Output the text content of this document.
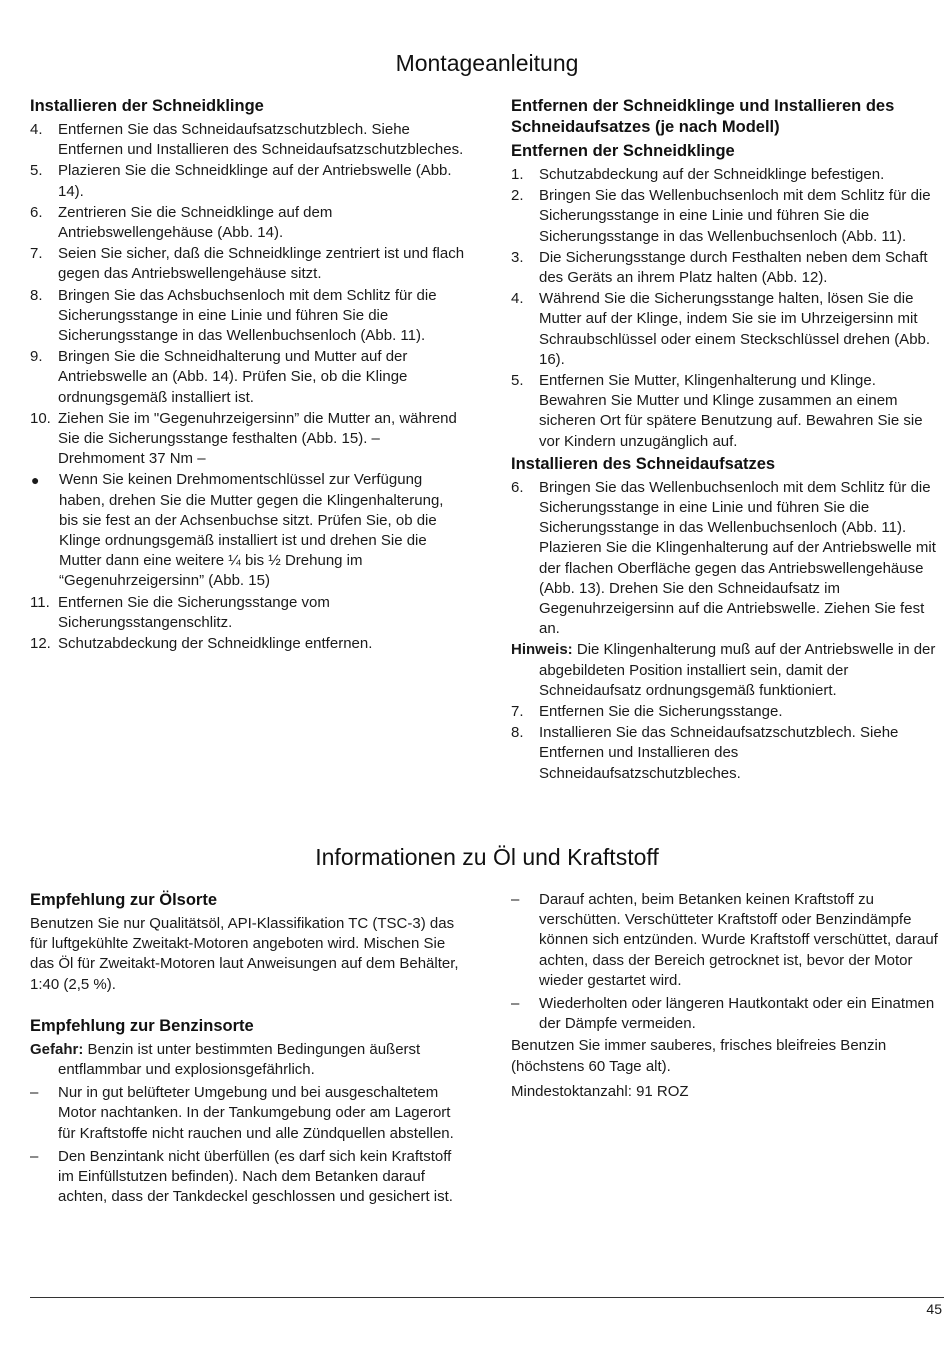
Montageanleitung
Installieren der Schneidklinge
4.	Entfernen Sie das Schneidaufsatzschutzblech. Siehe Entfernen und Installieren des Schneidaufsatzschutzbleches.
5.	Plazieren Sie die Schneidklinge auf der Antriebswelle (Abb. 14).
6.	Zentrieren Sie die Schneidklinge auf dem Antriebswellengehäuse (Abb. 14).
7.	Seien Sie sicher, daß die Schneidklinge zentriert ist und flach gegen das Antriebswellengehäuse sitzt.
8.	Bringen Sie das Achsbuchsenloch mit dem Schlitz für die Sicherungsstange in eine Linie und führen Sie die Sicherungsstange in das Wellenbuchsenloch (Abb. 11).
9.	Bringen Sie die Schneidhalterung und Mutter auf der Antriebswelle an (Abb. 14). Prüfen Sie, ob die Klinge ordnungsgemäß installiert ist.
10. Ziehen Sie im "Gegenuhrzeigersinn” die Mutter an, während Sie die Sicherungsstange festhalten (Abb. 15). – Drehmoment 37 Nm –
●	Wenn Sie keinen Drehmomentschlüssel zur Verfügung haben, drehen Sie die Mutter gegen die Klingenhalterung, bis sie fest an der Achsenbuchse sitzt. Prüfen Sie, ob die Klinge ordnungsgemäß installiert ist und drehen Sie die Mutter dann eine weitere ¼ bis ½ Drehung im “Gegenuhrzeigersinn” (Abb. 15)
11. Entfernen Sie die Sicherungsstange vom Sicherungsstangenschlitz.
12. Schutzabdeckung der Schneidklinge entfernen.
Entfernen der Schneidklinge und Installieren des Schneidaufsatzes (je nach Modell)
Entfernen der Schneidklinge
1.	Schutzabdeckung auf der Schneidklinge befestigen.
2.	Bringen Sie das Wellenbuchsenloch mit dem Schlitz für die Sicherungsstange in eine Linie und führen Sie die Sicherungsstange in das Wellenbuchsenloch (Abb. 11).
3.	Die Sicherungsstange durch Festhalten neben dem Schaft des Geräts an ihrem Platz halten (Abb. 12).
4.	Während Sie die Sicherungsstange halten, lösen Sie die Mutter auf der Klinge, indem Sie sie im Uhrzeigersinn mit Schraubschlüssel oder einem Steckschlüssel drehen (Abb. 16).
5.	Entfernen Sie Mutter, Klingenhalterung und Klinge. Bewahren Sie Mutter und Klinge zusammen an einem sicheren Ort für spätere Benutzung auf. Bewahren Sie sie vor Kindern unzugänglich auf.
Installieren des Schneidaufsatzes
6.	Bringen Sie das Wellenbuchsenloch mit dem Schlitz für die Sicherungsstange in eine Linie und führen Sie die Sicherungsstange in das Wellenbuchsenloch (Abb. 11). Plazieren Sie die Klingenhalterung auf der Antriebswelle mit der flachen Oberfläche gegen das Antriebswellengehäuse (Abb. 13). Drehen Sie den Schneidaufsatz im Gegenuhrzeigersinn auf die Antriebswelle. Ziehen Sie fest an.
Hinweis: Die Klingenhalterung muß auf der Antriebswelle in der abgebildeten Position installiert sein, damit der Schneidaufsatz ordnungsgemäß funktioniert.
7.	Entfernen Sie die Sicherungsstange.
8.	Installieren Sie das Schneidaufsatzschutzblech. Siehe Entfernen und Installieren des Schneidaufsatzschutzbleches.
Informationen zu Öl und Kraftstoff
Empfehlung zur Ölsorte

Benutzen Sie nur Qualitätsöl, API-Klassifikation TC (TSC-3) das für luftgekühlte Zweitakt-Motoren angeboten wird. Mischen Sie das Öl für Zweitakt-Motoren laut Anweisungen auf dem Behälter, 1:40 (2,5 %).

Empfehlung zur Benzinsorte
Gefahr: Benzin ist unter bestimmten Bedingungen äußerst entflammbar und explosionsgefährlich.
–	Nur in gut belüfteter Umgebung und bei ausgeschaltetem Motor nachtanken. In der Tankumgebung oder am Lagerort für Kraftstoffe nicht rauchen und alle Zündquellen abstellen.
–	Den Benzintank nicht überfüllen (es darf sich kein Kraftstoff im Einfüllstutzen befinden). Nach dem Betanken darauf achten, dass der Tankdeckel geschlossen und gesichert ist.
–	Darauf achten, beim Betanken keinen Kraftstoff zu verschütten. Verschütteter Kraftstoff oder Benzindämpfe können sich entzünden. Wurde Kraftstoff verschüttet, darauf achten, dass der Bereich getrocknet ist, bevor der Motor wieder gestartet wird.
–	Wiederholten oder längeren Hautkontakt oder ein Einatmen der Dämpfe vermeiden.

Benutzen Sie immer sauberes, frisches bleifreies Benzin (höchstens 60 Tage alt).

Mindestoktanzahl: 91 ROZ

45
